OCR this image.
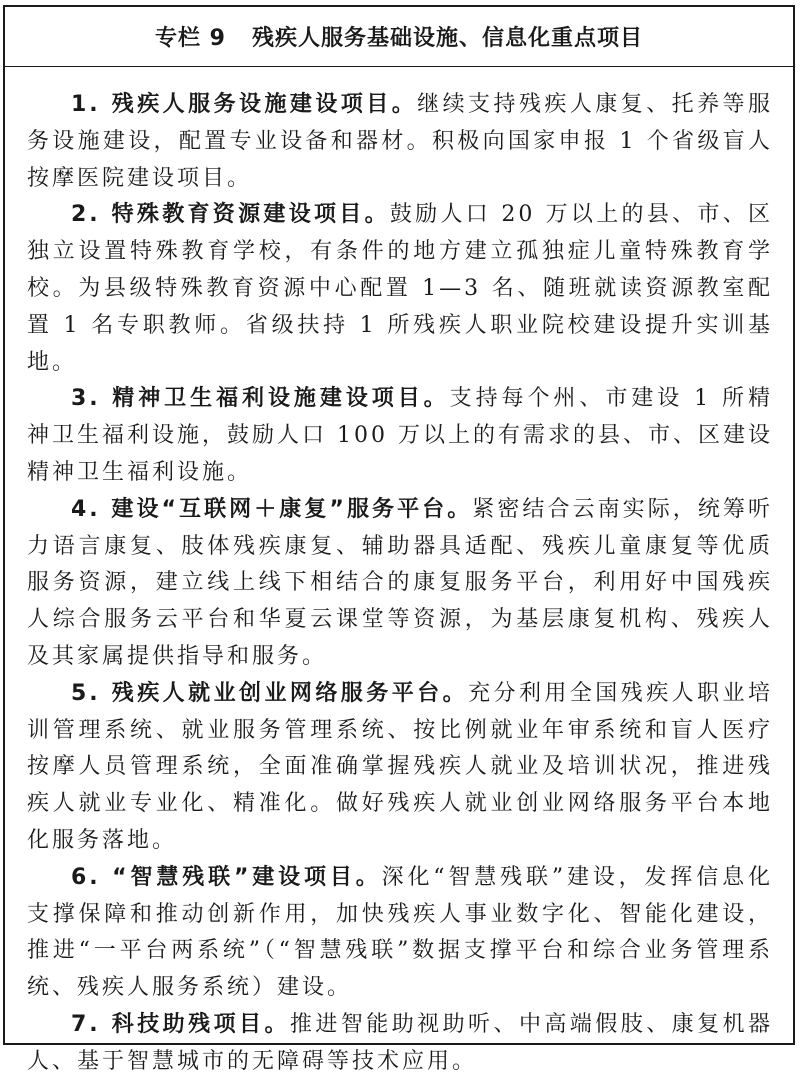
专栏 9 残疾人服务基础设施、信息化重点项目

1. 残疾人服务设施建设项目。继续支持残疾人康复、托养等服务设施建设，配置专业设备和器材。积极向国家申报 1 个省级盲人按摩医院建设项目。

2. 特殊教育资源建设项目。鼓励人口 20 万以上的县、市、区独立设置特殊教育学校，有条件的地方建立孤独症儿童特殊教育学校。为县级特殊教育资源中心配置 1—3 名、随班就读资源教室配置 1 名专职教师。省级扶持 1 所残疾人职业院校建设提升实训基地。

3. 精神卫生福利设施建设项目。支持每个州、市建设 1 所精神卫生福利设施，鼓励人口 100 万以上的有需求的县、市、区建设精神卫生福利设施。

4. 建设“互联网＋康复”服务平台。紧密结合云南实际，统筹听力语言康复、肢体残疾康复、辅助器具适配、残疾儿童康复等优质服务资源，建立线上线下相结合的康复服务平台，利用好中国残疾人综合服务云平台和华夏云课堂等资源，为基层康复机构、残疾人及其家属提供指导和服务。

5. 残疾人就业创业网络服务平台。充分利用全国残疾人职业培训管理系统、就业服务管理系统、按比例就业年审系统和盲人医疗按摩人员管理系统，全面准确掌握残疾人就业及培训状况，推进残疾人就业专业化、精准化。做好残疾人就业创业网络服务平台本地化服务落地。

6. “智慧残联”建设项目。深化“智慧残联”建设，发挥信息化支撑保障和推动创新作用，加快残疾人事业数字化、智能化建设，推进“一平台两系统”（“智慧残联”数据支撑平台和综合业务管理系统、残疾人服务系统）建设。

7. 科技助残项目。推进智能助视助听、中高端假肢、康复机器人、基于智慧城市的无障碍等技术应用。
